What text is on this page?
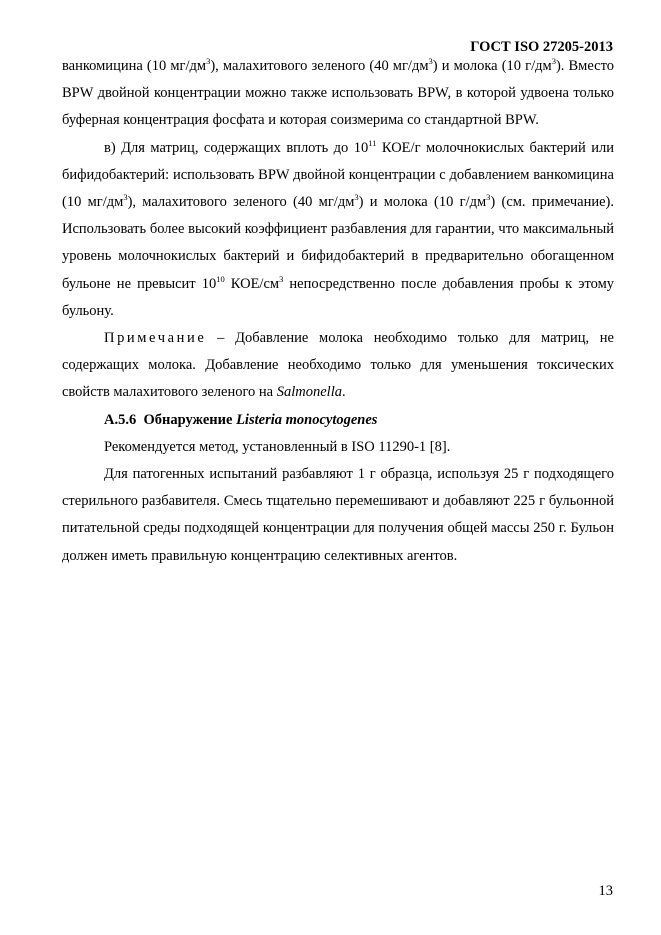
ГОСТ ISO 27205-2013

ванкомицина (10 $мг/дм^3$), малахитового зеленого (40 $мг/дм^3$) и молока (10 $г/дм^3$). Вместо BPW двойной концентрации можно также использовать BPW, в которой удвоена только буферная концентрация фосфата и которая соизмерима со стандартной BPW.

в) Для матриц, содержащих вплоть до $10^{11}$ КОЕ/г молочнокислых бактерий или бифидобактерий: использовать BPW двойной концентрации с добавлением ванкомицина (10 $мг/дм^3$), малахитового зеленого (40 $мг/дм^3$) и молока (10 $г/дм^3$) (см. примечание). Использовать более высокий коэффициент разбавления для гарантии, что максимальный уровень молочнокислых бактерий и бифидобактерий в предварительно обогащенном бульоне не превысит $10^{10}$ КОЕ/$см^3$ непосредственно после добавления пробы к этому бульону.

Примечание – Добавление молока необходимо только для матриц, не содержащих молока. Добавление необходимо только для уменьшения токсических свойств малахитового зеленого на Salmonella.

А.5.6 Обнаружение Listeria monocytogenes

Рекомендуется метод, установленный в ISO 11290-1 [8].

Для патогенных испытаний разбавляют 1 г образца, используя 25 г подходящего стерильного разбавителя. Смесь тщательно перемешивают и добавляют 225 г бульонной питательной среды подходящей концентрации для получения общей массы 250 г. Бульон должен иметь правильную концентрацию селективных агентов.

13
